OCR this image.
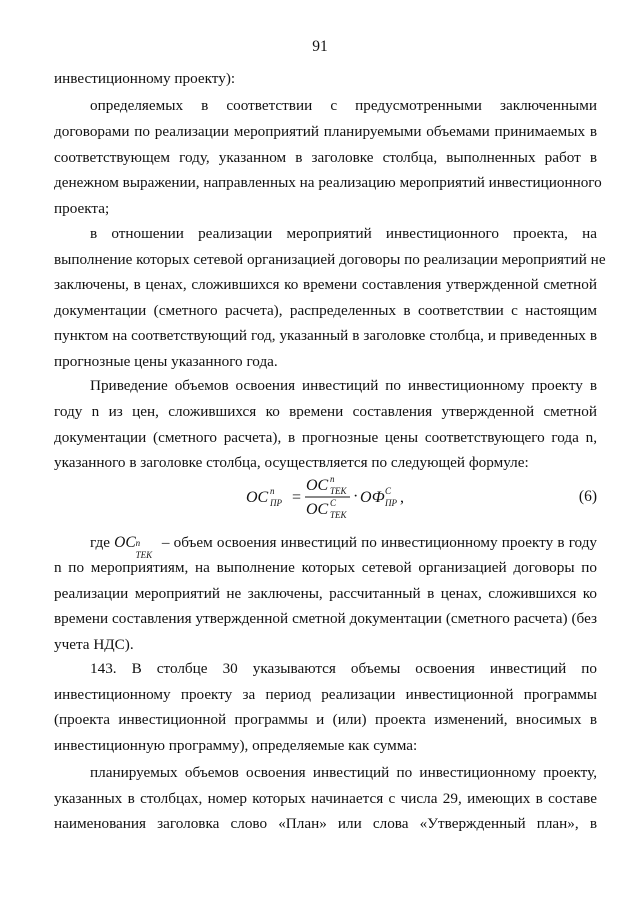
91
инвестиционному проекту):
определяемых в соответствии с предусмотренными заключенными
договорами по реализации мероприятий планируемыми объемами принимаемых в
соответствующем году, указанном в заголовке столбца, выполненных работ в
денежном выражении, направленных на реализацию мероприятий инвестиционного
проекта;
в отношении реализации мероприятий инвестиционного проекта, на
выполнение которых сетевой организацией договоры по реализации мероприятий не
заключены, в ценах, сложившихся ко времени составления утвержденной сметной
документации (сметного расчета), распределенных в соответствии с настоящим
пунктом на соответствующий год, указанный в заголовке столбца, и приведенных в
прогнозные цены указанного года.
Приведение объемов освоения инвестиций по инвестиционному проекту в
году n из цен, сложившихся ко времени составления утвержденной сметной
документации (сметного расчета), в прогнозные цены соответствующего года n,
указанного в заголовке столбца, осуществляется по следующей формуле:
ОС n
ПР =
ОС n
ТЕК
ОС С
ТЕК
· ОФ С
ПР ,	(6)
где ОС n
ТЕК
– объем освоения инвестиций по инвестиционному проекту в году
n по мероприятиям, на выполнение которых сетевой организацией договоры по
реализации мероприятий не заключены, рассчитанный в ценах, сложившихся ко
времени составления утвержденной сметной документации (сметного расчета) (без
учета НДС).
143. В столбце 30 указываются объемы освоения инвестиций по
инвестиционному проекту за период реализации инвестиционной программы
(проекта инвестиционной программы и (или) проекта изменений, вносимых в
инвестиционную программу), определяемые как сумма:
планируемых объемов освоения инвестиций по инвестиционному проекту,
указанных в столбцах, номер которых начинается с числа 29, имеющих в составе
наименования заголовка слово «План» или слова «Утвержденный план», в
